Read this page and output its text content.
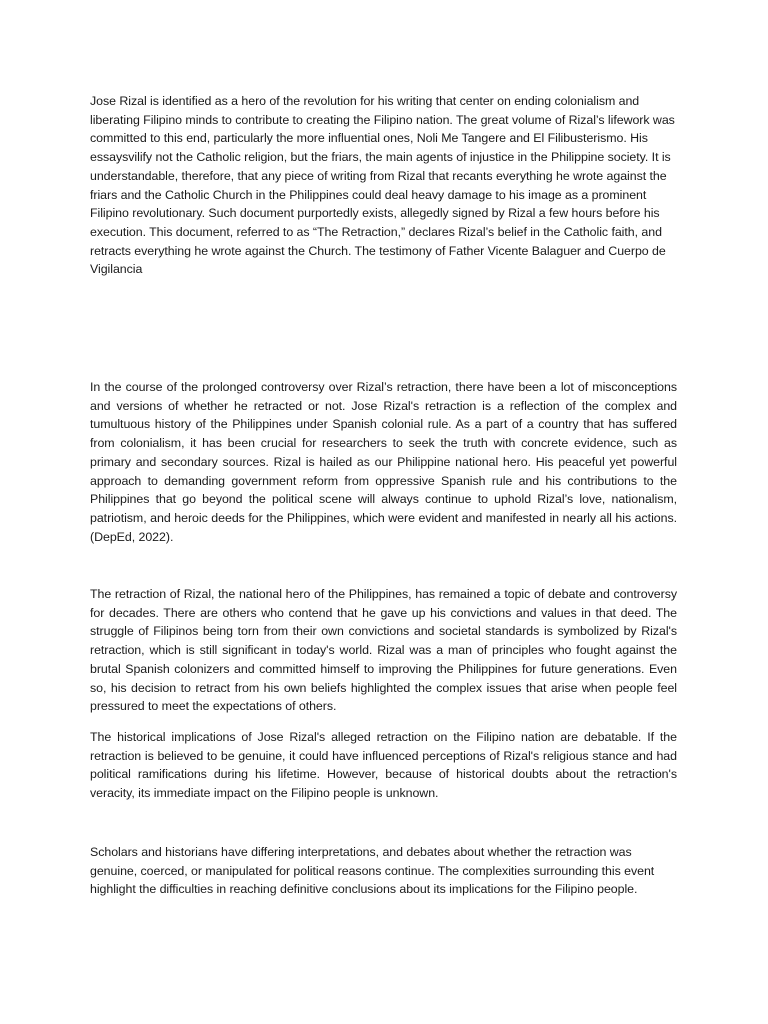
Jose Rizal is identified as a hero of the revolution for his writing that center on ending colonialism and liberating Filipino minds to contribute to creating the Filipino nation. The great volume of Rizal’s lifework was committed to this end, particularly the more influential ones, Noli Me Tangere and El Filibusterismo. His essaysvilify not the Catholic religion, but the friars, the main agents of injustice in the Philippine society. It is understandable, therefore, that any piece of writing from Rizal that recants everything he wrote against the friars and the Catholic Church in the Philippines could deal heavy damage to his image as a prominent Filipino revolutionary. Such document purportedly exists, allegedly signed by Rizal a few hours before his execution. This document, referred to as “The Retraction,” declares Rizal’s belief in the Catholic faith, and retracts everything he wrote against the Church. The testimony of Father Vicente Balaguer and Cuerpo de Vigilancia

In the course of the prolonged controversy over Rizal’s retraction, there have been a lot of misconceptions and versions of whether he retracted or not. Jose Rizal's retraction is a reflection of the complex and tumultuous history of the Philippines under Spanish colonial rule. As a part of a country that has suffered from colonialism, it has been crucial for researchers to seek the truth with concrete evidence, such as primary and secondary sources. Rizal is hailed as our Philippine national hero. His peaceful yet powerful approach to demanding government reform from oppressive Spanish rule and his contributions to the Philippines that go beyond the political scene will always continue to uphold Rizal’s love, nationalism, patriotism, and heroic deeds for the Philippines, which were evident and manifested in nearly all his actions. (DepEd, 2022).

The retraction of Rizal, the national hero of the Philippines, has remained a topic of debate and controversy for decades. There are others who contend that he gave up his convictions and values in that deed. The struggle of Filipinos being torn from their own convictions and societal standards is symbolized by Rizal's retraction, which is still significant in today's world. Rizal was a man of principles who fought against the brutal Spanish colonizers and committed himself to improving the Philippines for future generations. Even so, his decision to retract from his own beliefs highlighted the complex issues that arise when people feel pressured to meet the expectations of others.

The historical implications of Jose Rizal's alleged retraction on the Filipino nation are debatable. If the retraction is believed to be genuine, it could have influenced perceptions of Rizal's religious stance and had political ramifications during his lifetime. However, because of historical doubts about the retraction's veracity, its immediate impact on the Filipino people is unknown.

Scholars and historians have differing interpretations, and debates about whether the retraction was genuine, coerced, or manipulated for political reasons continue. The complexities surrounding this event highlight the difficulties in reaching definitive conclusions about its implications for the Filipino people.
